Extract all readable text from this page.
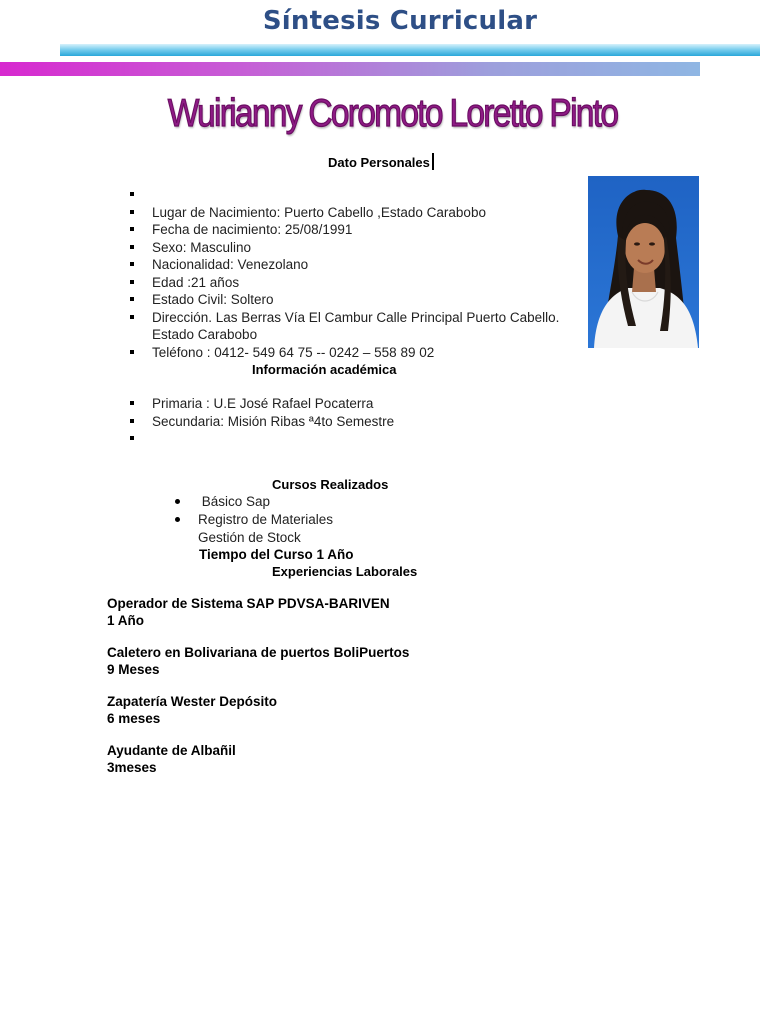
Síntesis Curricular
Wuirianny Coromoto Loretto Pinto
Dato Personales

Lugar de Nacimiento: Puerto Cabello ,Estado Carabobo
Fecha de nacimiento: 25/08/1991
Sexo: Masculino
Nacionalidad: Venezolano
Edad :21 años
Estado Civil: Soltero
Dirección. Las Berras Vía El Cambur Calle Principal Puerto Cabello.
Estado Carabobo
Teléfono : 0412- 549 64 75 -- 0242 – 558 89 02
Información académica
Primaria : U.E José Rafael Pocaterra
Secundaria: Misión Ribas ª4to Semestre

Cursos Realizados
Básico Sap
Registro de Materiales
Gestión de Stock
Tiempo del Curso 1 Año
Experiencias Laborales
Operador de Sistema SAP PDVSA-BARIVEN
1 Año
Caletero en Bolivariana de puertos BoliPuertos
9 Meses
Zapatería Wester Depósito
6 meses
Ayudante de Albañil
3meses
